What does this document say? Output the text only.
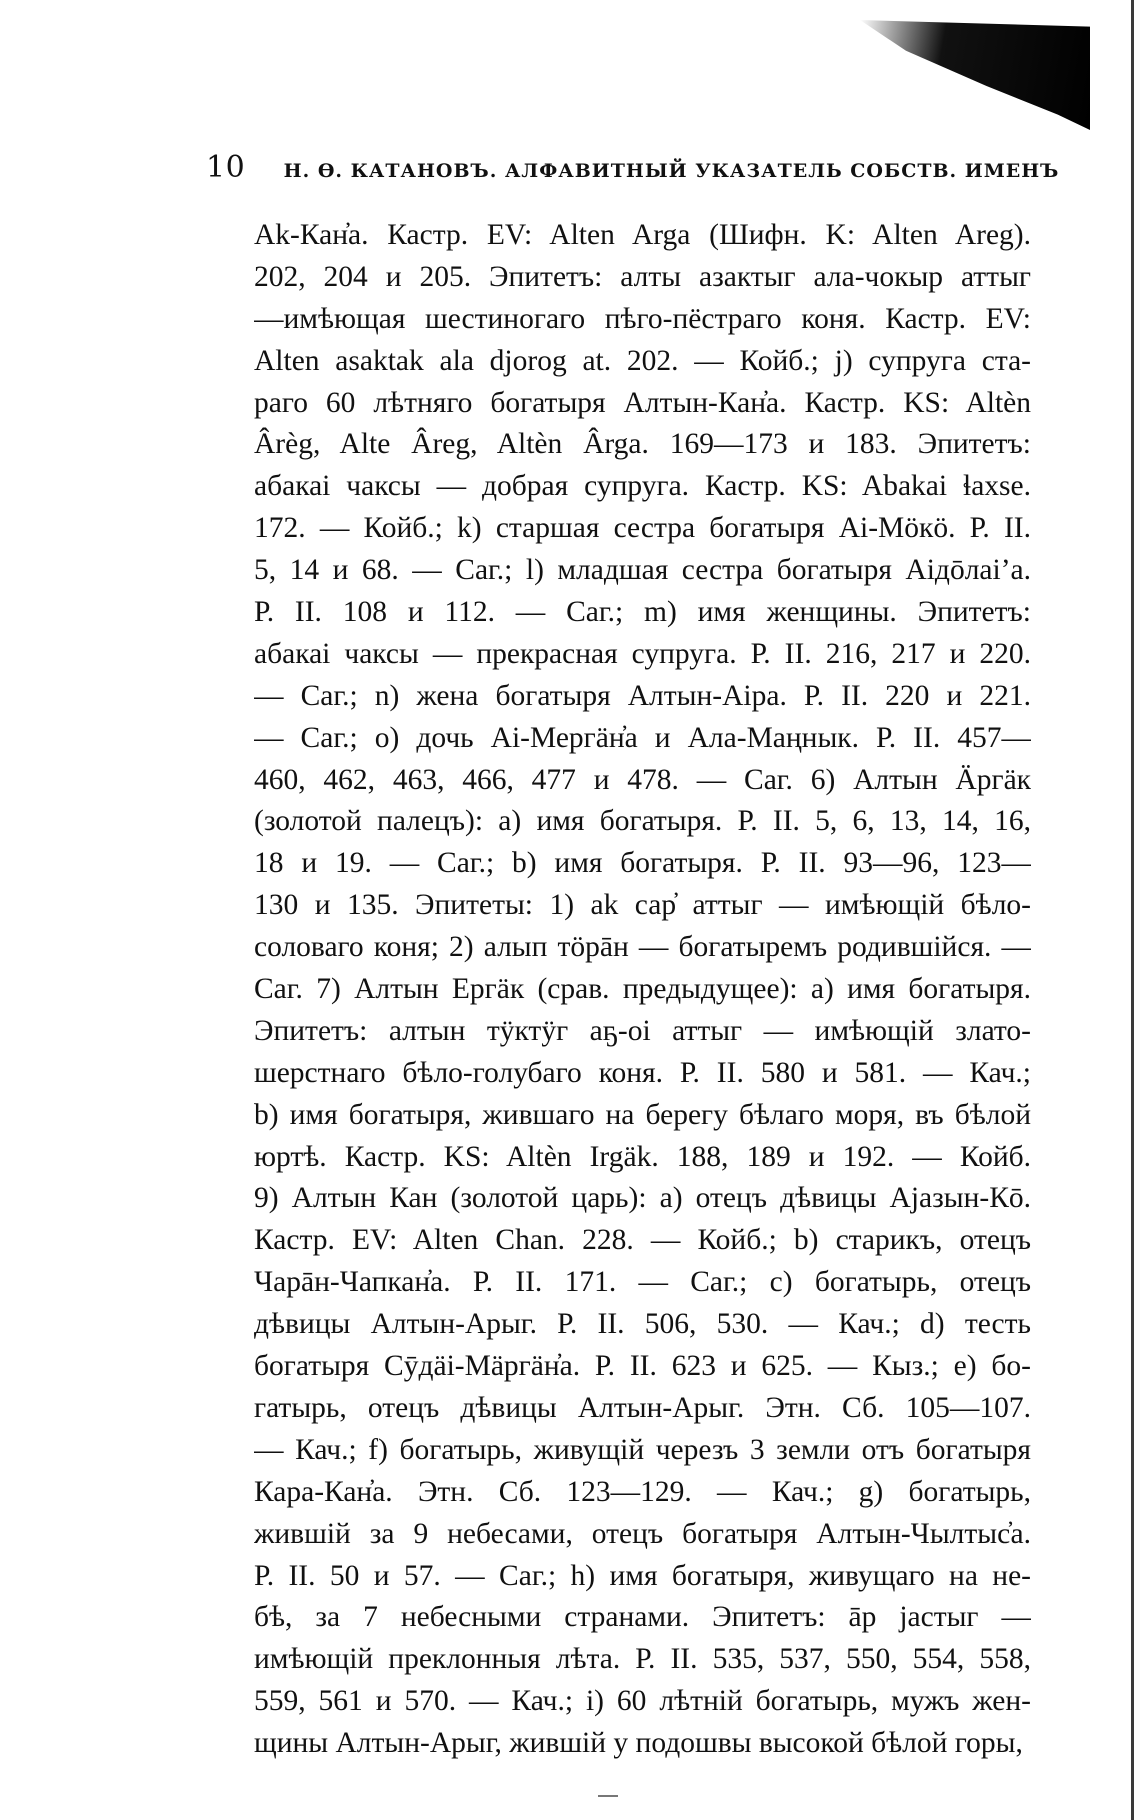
10 Н. Ѳ. КАТАНОВЪ. АЛФАВИТНЫЙ УКАЗАТЕЛЬ СОБСТВ. ИМЕНЪ
Ak-Кан̓а. Кастр. EV: Alten Arga (Шифн. K: Alten Areg).
202, 204 и 205. Эпитетъ: алты азактыг ала-чокыр аттыг
—имѣющая шестиногаго пѣго-пёстраго коня. Кастр. EV:
Alten asaktak ala djorog at. 202. — Койб.; j) супруга ста-
раго 60 лѣтняго богатыря Алтын-Кан̓а. Кастр. KS: Altèn
Ârèg, Alte Âreg, Altèn Ârga. 169—173 и 183. Эпитетъ:
абакаі чаксы — добрая супруга. Кастр. KS: Abakai ɬaxse.
172. — Койб.; k) старшая сестра богатыря Аі-Мöкö. Р. II.
5, 14 и 68. — Саг.; l) младшая сестра богатыря Аідōлаі’а.
Р. II. 108 и 112. — Саг.; m) имя женщины. Эпитетъ:
абакаі чаксы — прекрасная супруга. Р. II. 216, 217 и 220.
— Саг.; n) жена богатыря Алтын-Аіра. Р. II. 220 и 221.
— Саг.; o) дочь Аі-Мергäн̓а и Ала-Маңнык. Р. II. 457—
460, 462, 463, 466, 477 и 478. — Саг. 6) Алтын Äргäк
(золотой палецъ): a) имя богатыря. Р. II. 5, 6, 13, 14, 16,
18 и 19. — Саг.; b) имя богатыря. Р. II. 93—96, 123—
130 и 135. Эпитеты: 1) ak сар̓ аттыг — имѣющій бѣло-
соловаго коня; 2) алып тöрāн — богатыремъ родившійся. —
Саг. 7) Алтын Ергäк (срав. предыдущее): a) имя богатыря.
Эпитетъ: алтын тӱктӱг аҕ-оі аттыг — имѣющій злато-
шерстнаго бѣло-голубаго коня. Р. II. 580 и 581. — Кач.;
b) имя богатыря, жившаго на берегу бѣлаго моря, въ бѣлой
юртѣ. Кастр. KS: Altèn Irgäk. 188, 189 и 192. — Койб.
9) Алтын Кан (золотой царь): a) отецъ дѣвицы Аjазын-Кō.
Кастр. EV: Alten Chan. 228. — Койб.; b) старикъ, отецъ
Чарāн-Чапкан̓а. Р. II. 171. — Саг.; c) богатырь, отецъ
дѣвицы Алтын-Арыг. Р. II. 506, 530. — Кач.; d) тесть
богатыря Сӯдäі-Мäргäн̓а. Р. II. 623 и 625. — Кыз.; e) бо-
гатырь, отецъ дѣвицы Алтын-Арыг. Этн. Сб. 105—107.
— Кач.; f) богатырь, живущій черезъ 3 земли отъ богатыря
Кара-Кан̓а. Этн. Сб. 123—129. — Кач.; g) богатырь,
жившій за 9 небесами, отецъ богатыря Алтын-Чылтыс̓а.
Р. II. 50 и 57. — Саг.; h) имя богатыря, живущаго на не-
бѣ, за 7 небесными странами. Эпитетъ: āр jастыг —
имѣющій преклонныя лѣта. Р. II. 535, 537, 550, 554, 558,
559, 561 и 570. — Кач.; i) 60 лѣтній богатырь, мужъ жен-
щины Алтын-Арыг, жившій у подошвы высокой бѣлой горы,
